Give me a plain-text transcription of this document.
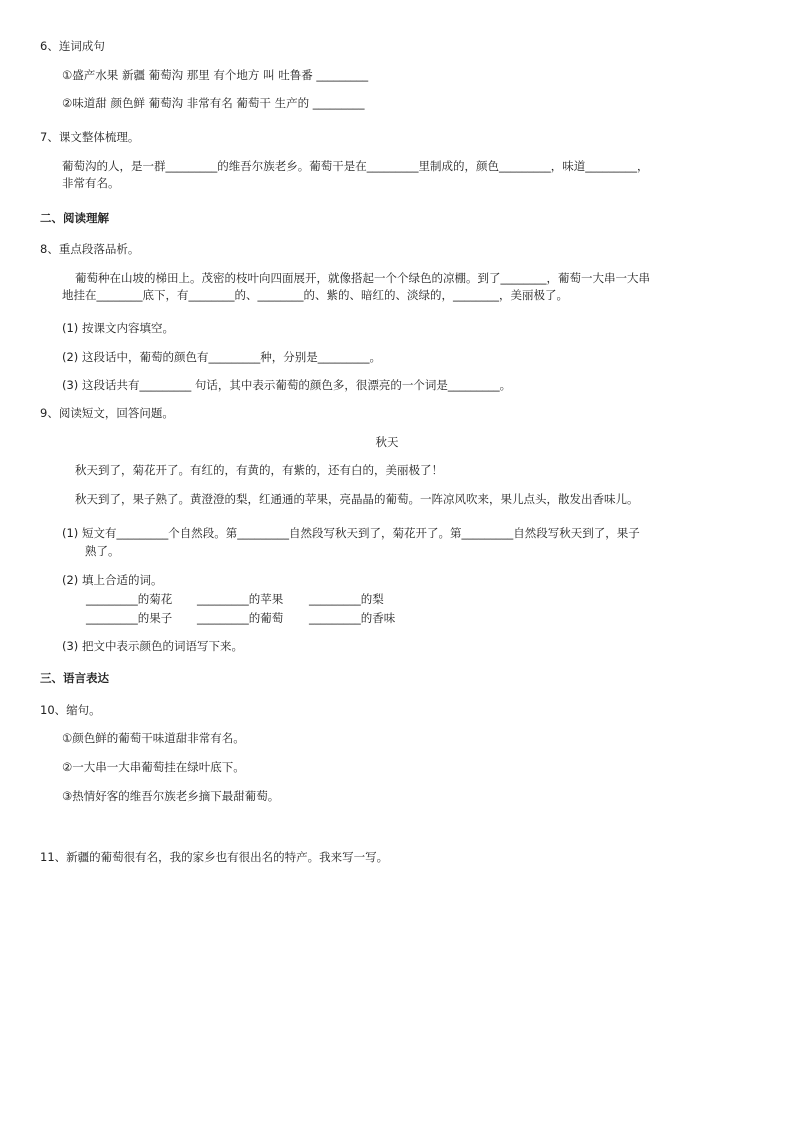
6、连词成句
①盛产水果 新疆 葡萄沟 那里 有个地方 叫 吐鲁番 _________
②味道甜 颜色鲜 葡萄沟 非常有名 葡萄干 生产的 _________
7、课文整体梳理。
葡萄沟的人，是一群_________的维吾尔族老乡。葡萄干是在_________里制成的，颜色_________，味道_________，
非常有名。
二、阅读理解
8、重点段落品析。
葡萄种在山坡的梯田上。茂密的枝叶向四面展开，就像搭起一个个绿色的凉棚。到了________，葡萄一大串一大串
地挂在________底下，有________的、________的、紫的、暗红的、淡绿的，________，美丽极了。
(1) 按课文内容填空。
(2) 这段话中，葡萄的颜色有_________种，分别是_________。
(3) 这段话共有_________ 句话，其中表示葡萄的颜色多，很漂亮的一个词是_________。
9、阅读短文，回答问题。
秋天
秋天到了，菊花开了。有红的，有黄的，有紫的，还有白的，美丽极了！
秋天到了，果子熟了。黄澄澄的梨，红通通的苹果，亮晶晶的葡萄。一阵凉风吹来，果儿点头，散发出香味儿。
(1) 短文有_________个自然段。第_________自然段写秋天到了，菊花开了。第_________自然段写秋天到了，果子
熟了。
(2) 填上合适的词。
_________的菊花 _________的苹果 _________的梨
_________的果子 _________的葡萄 _________的香味
(3) 把文中表示颜色的词语写下来。
三、语言表达
10、缩句。
①颜色鲜的葡萄干味道甜非常有名。
②一大串一大串葡萄挂在绿叶底下。
③热情好客的维吾尔族老乡摘下最甜葡萄。
11、新疆的葡萄很有名，我的家乡也有很出名的特产。我来写一写。
